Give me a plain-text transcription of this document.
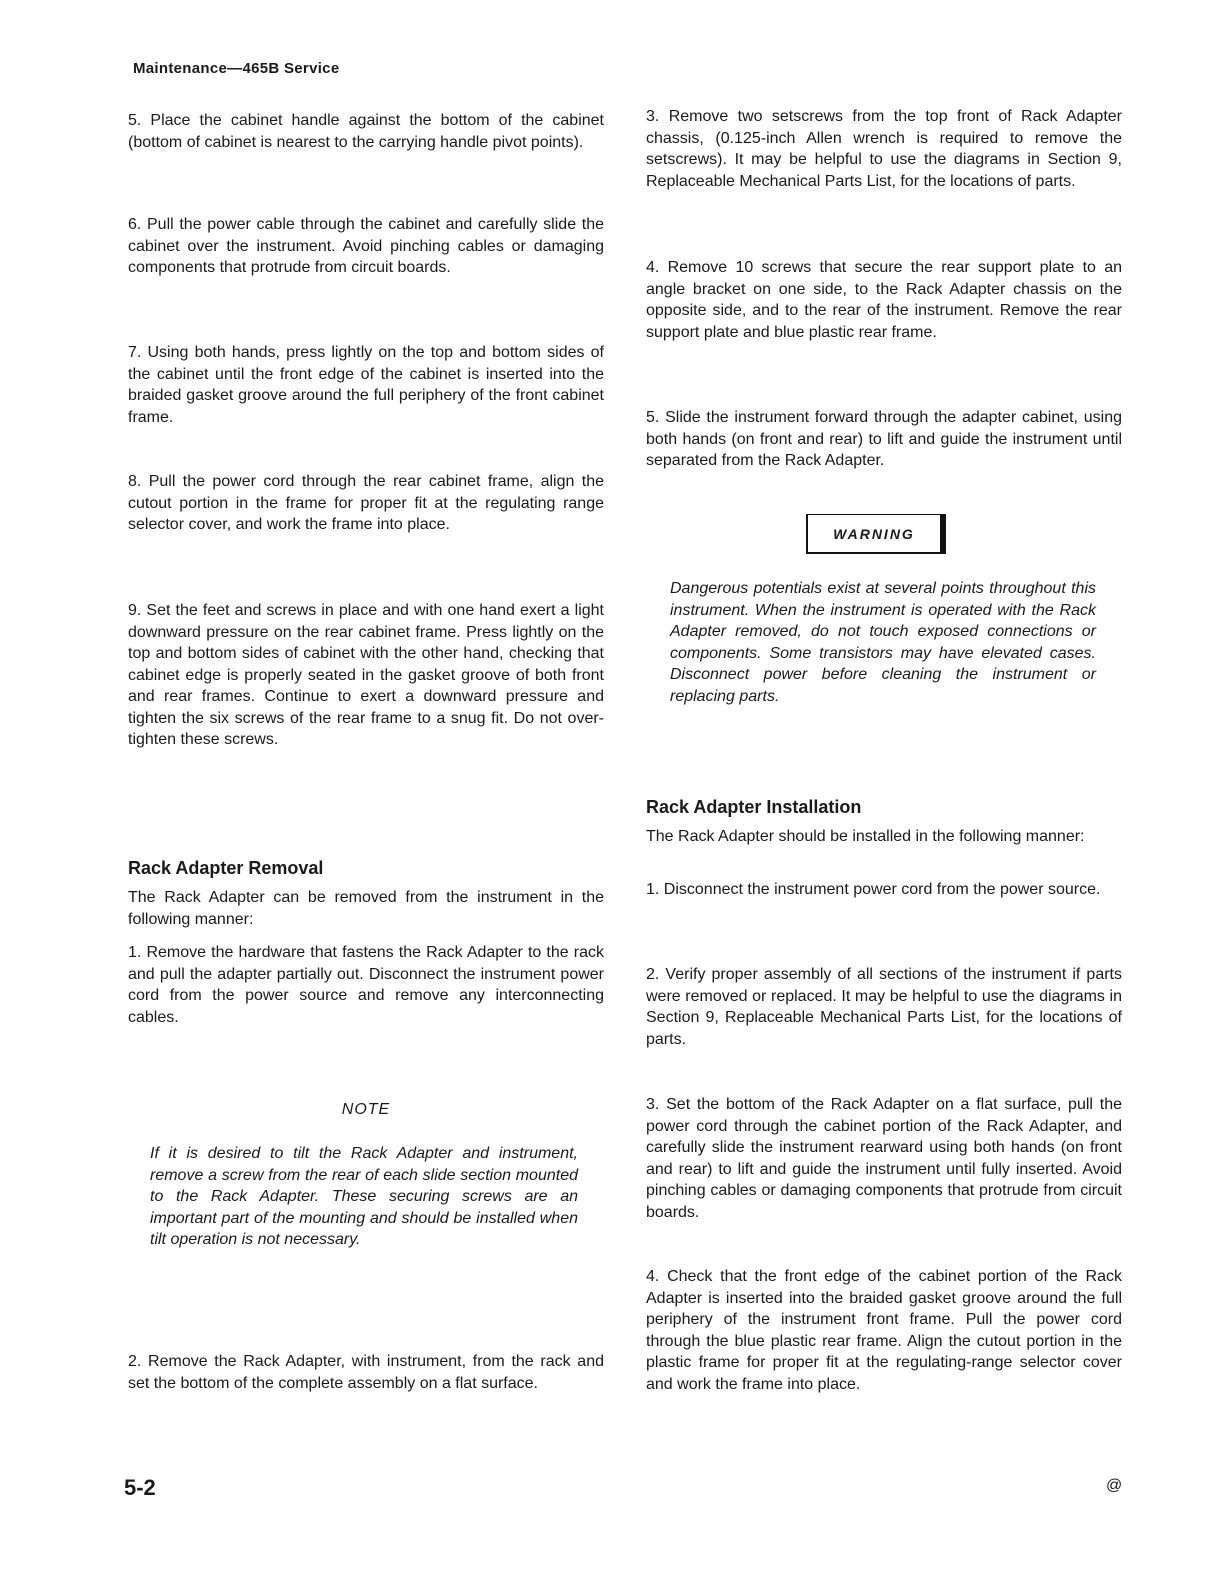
Maintenance—465B Service

5. Place the cabinet handle against the bottom of the cabinet (bottom of cabinet is nearest to the carrying handle pivot points).

6. Pull the power cable through the cabinet and carefully slide the cabinet over the instrument. Avoid pinching cables or damaging components that protrude from circuit boards.

7. Using both hands, press lightly on the top and bottom sides of the cabinet until the front edge of the cabinet is inserted into the braided gasket groove around the full periphery of the front cabinet frame.

8. Pull the power cord through the rear cabinet frame, align the cutout portion in the frame for proper fit at the regulating range selector cover, and work the frame into place.

9. Set the feet and screws in place and with one hand exert a light downward pressure on the rear cabinet frame. Press lightly on the top and bottom sides of cabinet with the other hand, checking that cabinet edge is properly seated in the gasket groove of both front and rear frames. Continue to exert a downward pressure and tighten the six screws of the rear frame to a snug fit. Do not over-tighten these screws.

Rack Adapter Removal

The Rack Adapter can be removed from the instrument in the following manner:

1. Remove the hardware that fastens the Rack Adapter to the rack and pull the adapter partially out. Disconnect the instrument power cord from the power source and remove any interconnecting cables.

NOTE

If it is desired to tilt the Rack Adapter and instrument, remove a screw from the rear of each slide section mounted to the Rack Adapter. These securing screws are an important part of the mounting and should be installed when tilt operation is not necessary.

2. Remove the Rack Adapter, with instrument, from the rack and set the bottom of the complete assembly on a flat surface.

3. Remove two setscrews from the top front of Rack Adapter chassis, (0.125-inch Allen wrench is required to remove the setscrews). It may be helpful to use the diagrams in Section 9, Replaceable Mechanical Parts List, for the locations of parts.

4. Remove 10 screws that secure the rear support plate to an angle bracket on one side, to the Rack Adapter chassis on the opposite side, and to the rear of the instrument. Remove the rear support plate and blue plastic rear frame.

5. Slide the instrument forward through the adapter cabinet, using both hands (on front and rear) to lift and guide the instrument until separated from the Rack Adapter.

WARNING

Dangerous potentials exist at several points throughout this instrument. When the instrument is operated with the Rack Adapter removed, do not touch exposed connections or components. Some transistors may have elevated cases. Disconnect power before cleaning the instrument or replacing parts.

Rack Adapter Installation

The Rack Adapter should be installed in the following manner:

1. Disconnect the instrument power cord from the power source.

2. Verify proper assembly of all sections of the instrument if parts were removed or replaced. It may be helpful to use the diagrams in Section 9, Replaceable Mechanical Parts List, for the locations of parts.

3. Set the bottom of the Rack Adapter on a flat surface, pull the power cord through the cabinet portion of the Rack Adapter, and carefully slide the instrument rearward using both hands (on front and rear) to lift and guide the instrument until fully inserted. Avoid pinching cables or damaging components that protrude from circuit boards.

4. Check that the front edge of the cabinet portion of the Rack Adapter is inserted into the braided gasket groove around the full periphery of the instrument front frame. Pull the power cord through the blue plastic rear frame. Align the cutout portion in the plastic frame for proper fit at the regulating-range selector cover and work the frame into place.

5-2	@
